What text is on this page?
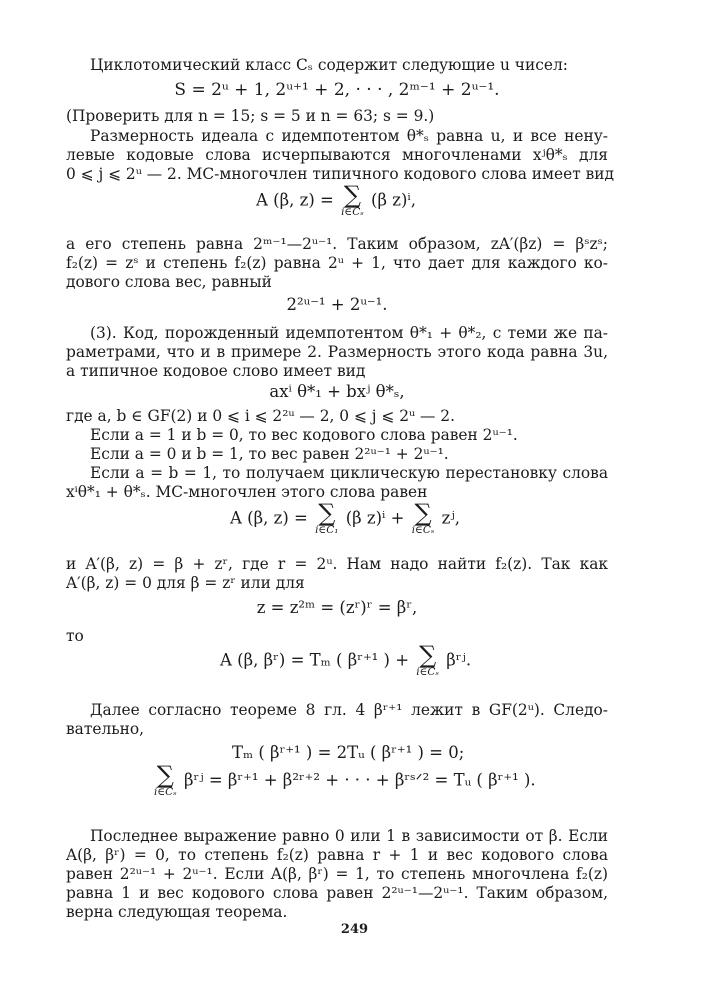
Циклотомический класс Cₛ содержит следующие u чисел:
S = 2ᵘ + 1, 2ᵘ⁺¹ + 2, · · · , 2ᵐ⁻¹ + 2ᵘ⁻¹.
(Проверить для n = 15; s = 5 и n = 63; s = 9.)
Размерность идеала с идемпотентом θ*ₛ равна u, и все нену-
левые кодовые слова исчерпываются многочленами xʲθ*ₛ для
0 ⩽ j ⩽ 2ᵘ — 2. MC-многочлен типичного кодового слова имеет вид
A (β, z) = ∑
i∈Cₛ
(β z)ⁱ,
а его степень равна 2ᵐ⁻¹—2ᵘ⁻¹. Таким образом, zA′(βz) = βˢzˢ;
f₂(z) = zˢ и степень f₂(z) равна 2ᵘ + 1, что дает для каждого ко-
дового слова вес, равный
2²ᵘ⁻¹ + 2ᵘ⁻¹.
(3). Код, порожденный идемпотентом θ*₁ + θ*₂, с теми же па-
раметрами, что и в примере 2. Размерность этого кода равна 3u,
а типичное кодовое слово имеет вид
axⁱ θ*₁ + bxʲ θ*ₛ,
где a, b ∈ GF(2) и 0 ⩽ i ⩽ 2²ᵘ — 2, 0 ⩽ j ⩽ 2ᵘ — 2.
Если a = 1 и b = 0, то вес кодового слова равен 2ᵘ⁻¹.
Если a = 0 и b = 1, то вес равен 2²ᵘ⁻¹ + 2ᵘ⁻¹.
Если a = b = 1, то получаем циклическую перестановку слова
xⁱθ*₁ + θ*ₛ. MC-многочлен этого слова равен
A (β, z) = ∑
i∈C₁
(β z)ⁱ + ∑
i∈Cₛ
zʲ,
и A′(β, z) = β + zʳ, где r = 2ᵘ. Нам надо найти f₂(z). Так как
A′(β, z) = 0 для β = zʳ или для
z = z²ᵐ = (zʳ)ʳ = βʳ,
то
A (β, βʳ) = Tₘ ( βʳ⁺¹ ) + ∑
i∈Cₛ
βʳʲ.
Далее согласно теореме 8 гл. 4 βʳ⁺¹ лежит в GF(2ᵘ). Следо-
вательно,
Tₘ ( βʳ⁺¹ ) = 2Tᵤ ( βʳ⁺¹ ) = 0;
∑
i∈Cₛ
βʳʲ = βʳ⁺¹ + β²ʳ⁺² + · · · + βʳˢᐟ² = Tᵤ ( βʳ⁺¹ ).
Последнее выражение равно 0 или 1 в зависимости от β. Если
A(β, βʳ) = 0, то степень f₂(z) равна r + 1 и вес кодового слова
равен 2²ᵘ⁻¹ + 2ᵘ⁻¹. Если A(β, βʳ) = 1, то степень многочлена f₂(z)
равна 1 и вес кодового слова равен 2²ᵘ⁻¹—2ᵘ⁻¹. Таким образом,
верна следующая теорема.
249
